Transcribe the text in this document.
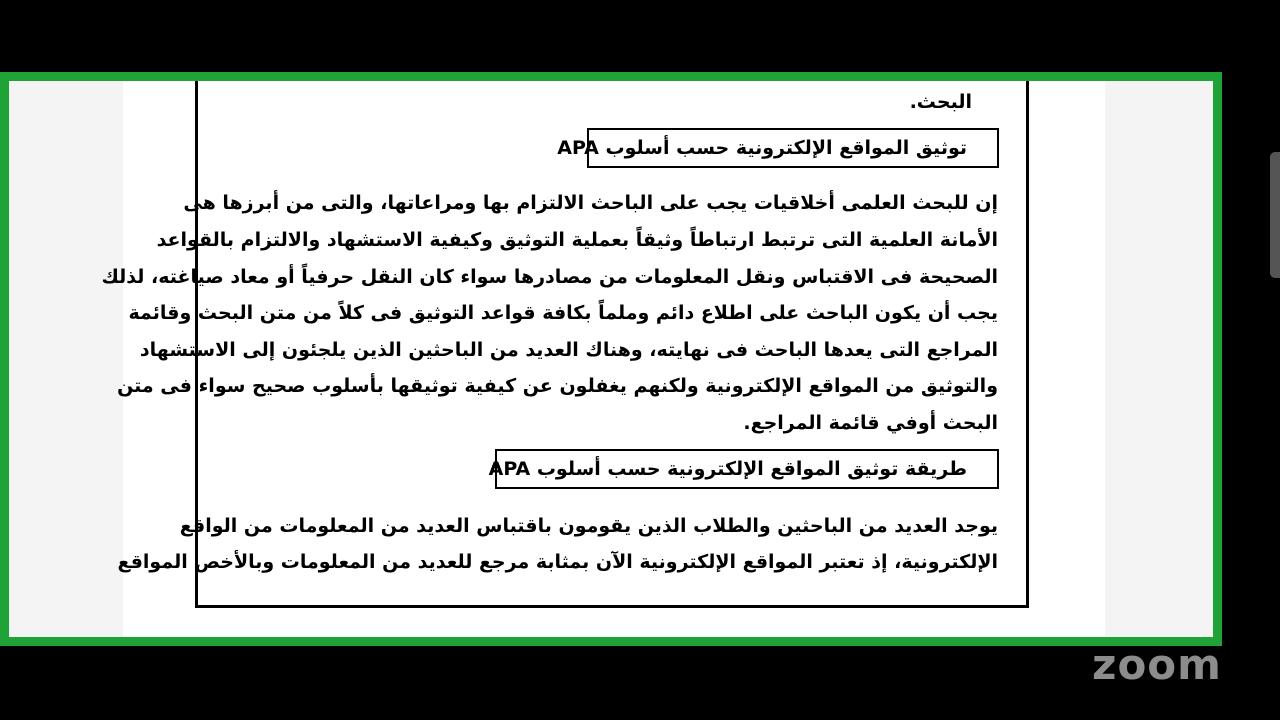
البحث.
توثيق المواقع الإلكترونية حسب أسلوب APA
إن للبحث العلمى أخلاقيات يجب على الباحث الالتزام بها ومراعاتها، والتى من أبرزها هى
الأمانة العلمية التى ترتبط ارتباطاً وثيقاً بعملية التوثيق وكيفية الاستشهاد والالتزام بالقواعد
الصحيحة فى الاقتباس ونقل المعلومات من مصادرها سواء كان النقل حرفياً أو معاد صياغته، لذلك
يجب أن يكون الباحث على اطلاع دائم وملماً بكافة قواعد التوثيق فى كلاً من متن البحث وقائمة
المراجع التى يعدها الباحث فى نهايته، وهناك العديد من الباحثين الذين يلجئون إلى الاستشهاد
والتوثيق من المواقع الإلكترونية ولكنهم يغفلون عن كيفية توثيقها بأسلوب صحيح سواء فى متن
البحث أوفي قائمة المراجع.
طريقة توثيق المواقع الإلكترونية حسب أسلوب APA
يوجد العديد من الباحثين والطلاب الذين يقومون باقتباس العديد من المعلومات من الواقع
الإلكترونية، إذ تعتبر المواقع الإلكترونية الآن بمثابة مرجع للعديد من المعلومات وبالأخص المواقع
zoom
